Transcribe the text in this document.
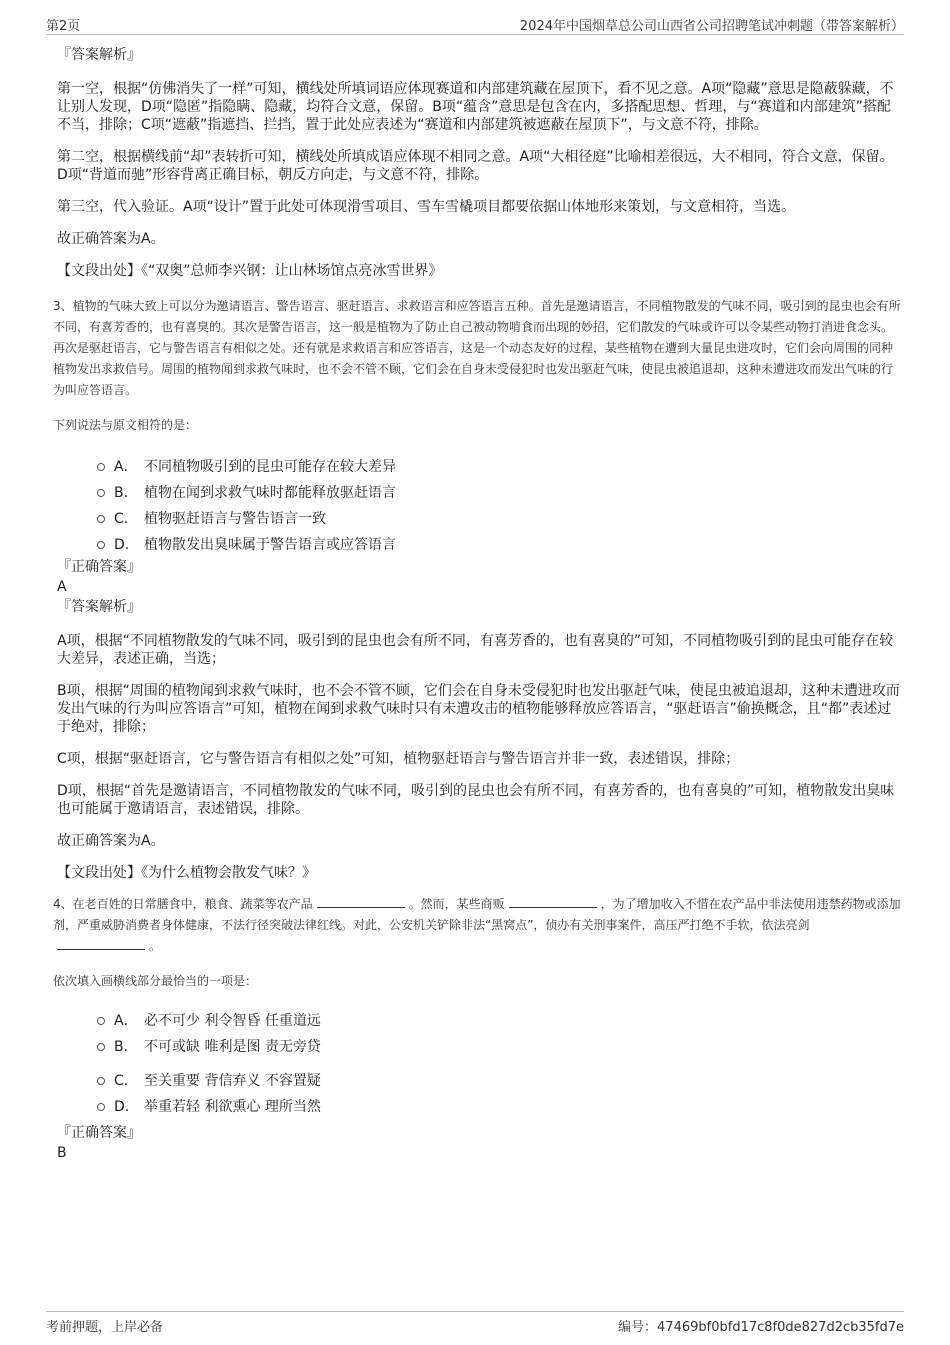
第2页	2024年中国烟草总公司山西省公司招聘笔试冲刺题（带答案解析）

『答案解析』

第一空，根据“仿佛消失了一样”可知，横线处所填词语应体现赛道和内部建筑藏在屋顶下，看不见之意。A项“隐藏”意思是隐蔽躲藏，不让别人发现，D项“隐匿”指隐瞒、隐藏，均符合文意，保留。B项“蕴含”意思是包含在内，多搭配思想、哲理，与“赛道和内部建筑”搭配不当，排除；C项“遮蔽”指遮挡、拦挡，置于此处应表述为“赛道和内部建筑被遮蔽在屋顶下”，与文意不符，排除。

第二空，根据横线前“却”表转折可知，横线处所填成语应体现不相同之意。A项“大相径庭”比喻相差很远，大不相同，符合文意，保留。D项“背道而驰”形容背离正确目标，朝反方向走，与文意不符，排除。

第三空，代入验证。A项“设计”置于此处可体现滑雪项目、雪车雪橇项目都要依据山体地形来策划，与文意相符，当选。

故正确答案为A。

【文段出处】《“双奥”总师李兴钢：让山林场馆点亮冰雪世界》

3、植物的气味大致上可以分为邀请语言、警告语言、驱赶语言、求救语言和应答语言五种。首先是邀请语言，不同植物散发的气味不同，吸引到的昆虫也会有所不同，有喜芳香的，也有喜臭的。其次是警告语言，这一般是植物为了防止自己被动物啃食而出现的妙招，它们散发的气味或许可以令某些动物打消进食念头。再次是驱赶语言，它与警告语言有相似之处。还有就是求救语言和应答语言，这是一个动态友好的过程，某些植物在遭到大量昆虫进攻时，它们会向周围的同种植物发出求救信号。周围的植物闻到求救气味时，也不会不管不顾，它们会在自身未受侵犯时也发出驱赶气味，使昆虫被追退却，这种未遭进攻而发出气味的行为叫应答语言。

下列说法与原文相符的是：

A． 不同植物吸引到的昆虫可能存在较大差异
B． 植物在闻到求救气味时都能释放驱赶语言
C． 植物驱赶语言与警告语言一致
D． 植物散发出臭味属于警告语言或应答语言

『正确答案』

A

『答案解析』

A项，根据“不同植物散发的气味不同，吸引到的昆虫也会有所不同，有喜芳香的，也有喜臭的”可知，不同植物吸引到的昆虫可能存在较大差异，表述正确，当选；

B项，根据“周围的植物闻到求救气味时，也不会不管不顾，它们会在自身未受侵犯时也发出驱赶气味，使昆虫被追退却，这种未遭进攻而发出气味的行为叫应答语言”可知，植物在闻到求救气味时只有未遭攻击的植物能够释放应答语言，“驱赶语言”偷换概念，且“都”表述过于绝对，排除；

C项，根据“驱赶语言，它与警告语言有相似之处”可知，植物驱赶语言与警告语言并非一致，表述错误，排除；

D项，根据“首先是邀请语言，不同植物散发的气味不同，吸引到的昆虫也会有所不同，有喜芳香的，也有喜臭的”可知，植物散发出臭味也可能属于邀请语言，表述错误，排除。

故正确答案为A。

【文段出处】《为什么植物会散发气味？》

4、在老百姓的日常膳食中，粮食、蔬菜等农产品	。然而，某些商贩	，为了增加收入不惜在农产品中非法使用违禁药物或添加剂，严重威胁消费者身体健康，不法行径突破法律红线。对此，公安机关铲除非法“黑窝点”，侦办有关刑事案件，高压严打绝不手软，依法亮剑。

依次填入画横线部分最恰当的一项是：

A． 必不可少 利令智昏 任重道远
B． 不可或缺 唯利是图 责无旁贷
C． 至关重要 背信弃义 不容置疑
D． 举重若轻 利欲熏心 理所当然

『正确答案』

B

考前押题，上岸必备	编号：47469bf0bfd17c8f0de827d2cb35fd7e
